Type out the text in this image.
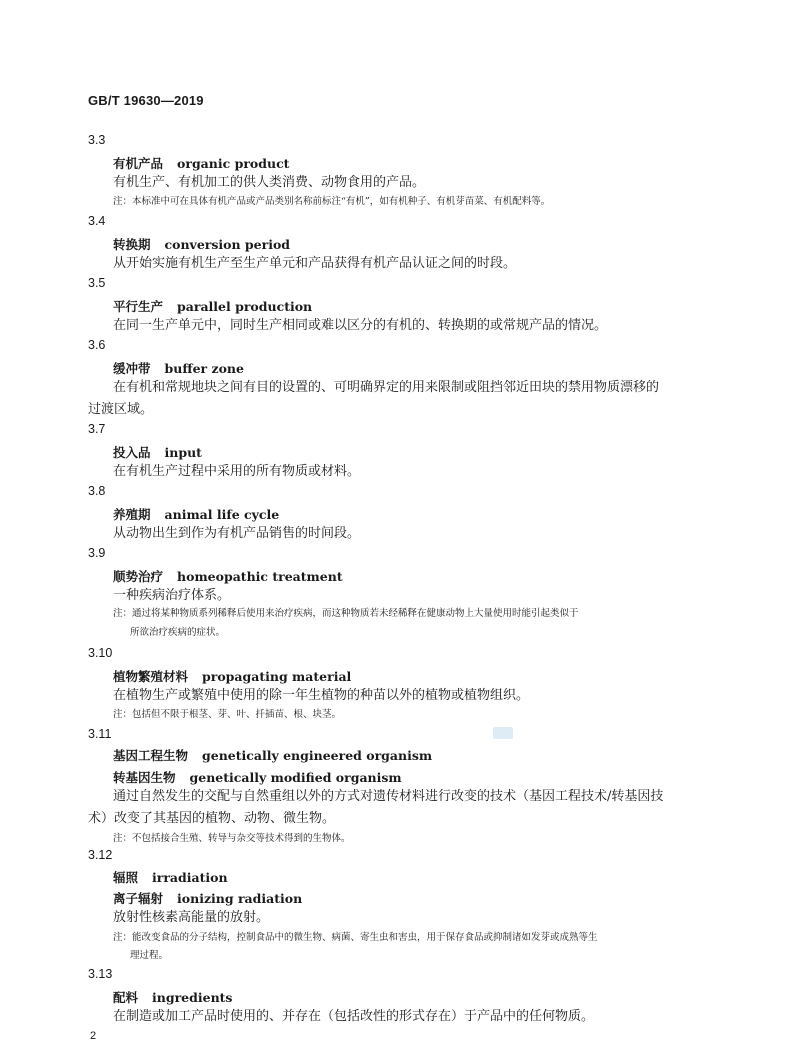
GB/T 19630—2019
3.3
有机产品 organic product
有机生产、有机加工的供人类消费、动物食用的产品。
注：本标准中可在具体有机产品或产品类别名称前标注“有机”，如有机种子、有机芽苗菜、有机配料等。
3.4
转换期 conversion period
从开始实施有机生产至生产单元和产品获得有机产品认证之间的时段。
3.5
平行生产 parallel production
在同一生产单元中，同时生产相同或难以区分的有机的、转换期的或常规产品的情况。
3.6
缓冲带 buffer zone
在有机和常规地块之间有目的设置的、可明确界定的用来限制或阻挡邻近田块的禁用物质漂移的
过渡区域。
3.7
投入品 input
在有机生产过程中采用的所有物质或材料。
3.8
养殖期 animal life cycle
从动物出生到作为有机产品销售的时间段。
3.9
顺势治疗 homeopathic treatment
一种疾病治疗体系。
注：通过将某种物质系列稀释后使用来治疗疾病，而这种物质若未经稀释在健康动物上大量使用时能引起类似于
所欲治疗疾病的症状。
3.10
植物繁殖材料 propagating material
在植物生产或繁殖中使用的除一年生植物的种苗以外的植物或植物组织。
注：包括但不限于根茎、芽、叶、扦插苗、根、块茎。
3.11
基因工程生物 genetically engineered organism
转基因生物 genetically modified organism
通过自然发生的交配与自然重组以外的方式对遗传材料进行改变的技术（基因工程技术/转基因技
术）改变了其基因的植物、动物、微生物。
注：不包括接合生殖、转导与杂交等技术得到的生物体。
3.12
辐照 irradiation
离子辐射 ionizing radiation
放射性核素高能量的放射。
注：能改变食品的分子结构，控制食品中的微生物、病菌、寄生虫和害虫，用于保存食品或抑制诸如发芽或成熟等生
理过程。
3.13
配料 ingredients
在制造或加工产品时使用的、并存在（包括改性的形式存在）于产品中的任何物质。
2
